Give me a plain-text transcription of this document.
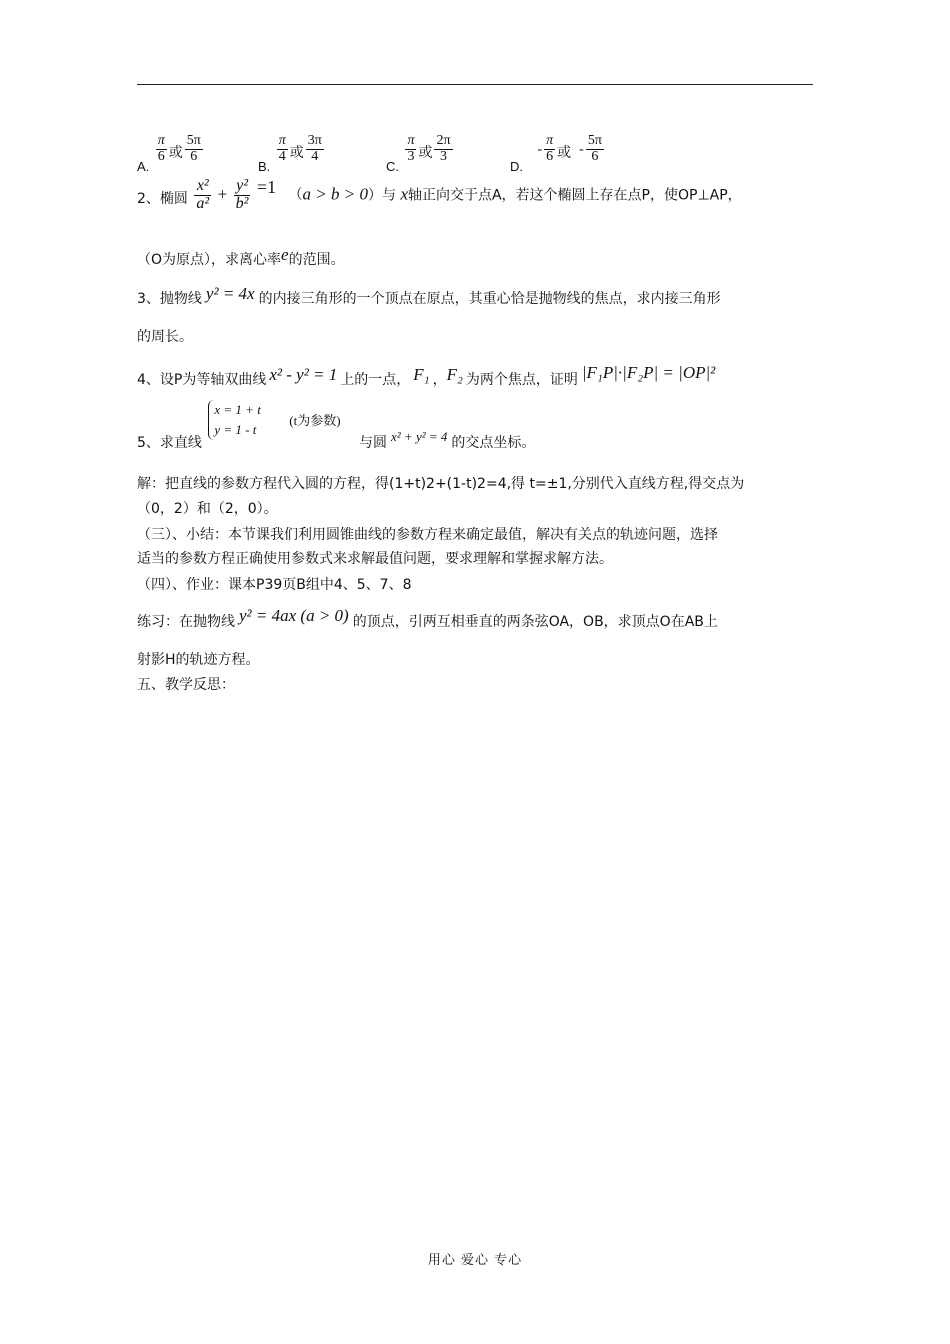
A.
$\frac{\pi}{6}$ 或 $\frac{5\pi}{6}$
B.
$\frac{\pi}{4}$ 或 $\frac{3\pi}{4}$
C.
$\frac{\pi}{3}$ 或 $\frac{2\pi}{3}$
D. - $\frac{\pi}{6}$ 或 - $\frac{5\pi}{6}$
2、椭圆 $\frac{\text{x²}}{\text{a²}} + \frac{\text{y²}}{\text{b²}} =1$ （a > b > 0）与 x轴正向交于点A，若这个椭圆上存在点P，使OP⊥AP，
（O为原点），求离心率e的范围。
3、抛物线 y² = 4x 的内接三角形的一个顶点在原点，其重心恰是抛物线的焦点，求内接三角形
的周长。
4、设P为等轴双曲线 x² - y² = 1 上的一点， F₁ ，F₂ 为两个焦点，证明 |F₁P|·|F₂P| = |OP|²
5、求直线
x = 1 + t
y = 1 - t
(t为参数) 与圆 x² + y² = 4 的交点坐标。
解：把直线的参数方程代入圆的方程，得(1+t)2+(1-t)2=4,得 t=±1,分别代入直线方程,得交点为
（0，2）和（2，0）。
（三）、小结：本节课我们利用圆锥曲线的参数方程来确定最值，解决有关点的轨迹问题，选择
适当的参数方程正确使用参数式来求解最值问题，要求理解和掌握求解方法。
（四）、作业：课本P39页B组中4、5、7、8
练习：在抛物线 y² = 4ax (a > 0) 的顶点，引两互相垂直的两条弦OA，OB，求顶点O在AB上
射影H的轨迹方程。
五、教学反思：
用心 爱心 专心
